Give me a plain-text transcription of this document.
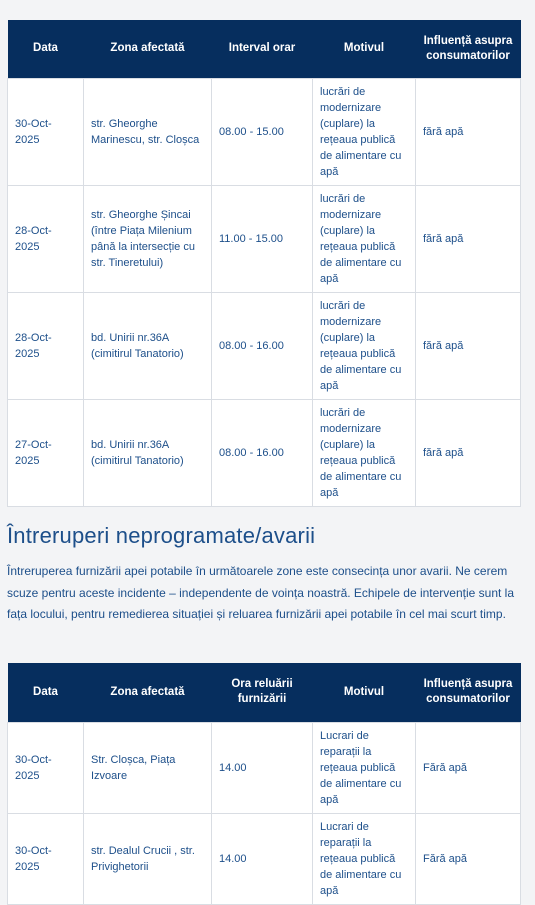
Data	Zona afectată	Interval orar	Motivul	Influență asupra consumatorilor
30-Oct-2025	str. Gheorghe Marinescu, str. Cloșca	08.00 - 15.00	lucrări de modernizare (cuplare) la rețeaua publică de alimentare cu apă	fără apă
28-Oct-2025	str. Gheorghe Șincai (între Piața Milenium până la intersecție cu str. Tineretului)	11.00 - 15.00	lucrări de modernizare (cuplare) la rețeaua publică de alimentare cu apă	fără apă
28-Oct-2025	bd. Unirii nr.36A (cimitirul Tanatorio)	08.00 - 16.00	lucrări de modernizare (cuplare) la rețeaua publică de alimentare cu apă	fără apă
27-Oct-2025	bd. Unirii nr.36A (cimitirul Tanatorio)	08.00 - 16.00	lucrări de modernizare (cuplare) la rețeaua publică de alimentare cu apă	fără apă
Întreruperi neprogramate/avarii

Întreruperea furnizării apei potabile în următoarele zone este consecința unor avarii. Ne cerem scuze pentru aceste incidente – independente de voința noastră. Echipele de intervenție sunt la fața locului, pentru remedierea situației și reluarea furnizării apei potabile în cel mai scurt timp.

Data	Zona afectată	Ora reluării furnizării	Motivul	Influență asupra consumatorilor
30-Oct-2025	Str. Cloșca, Piața Izvoare	14.00	Lucrari de reparații la rețeaua publică de alimentare cu apă	Fără apă
30-Oct-2025	str. Dealul Crucii , str. Privighetorii	14.00	Lucrari de reparații la rețeaua publică de alimentare cu apă	Fără apă
